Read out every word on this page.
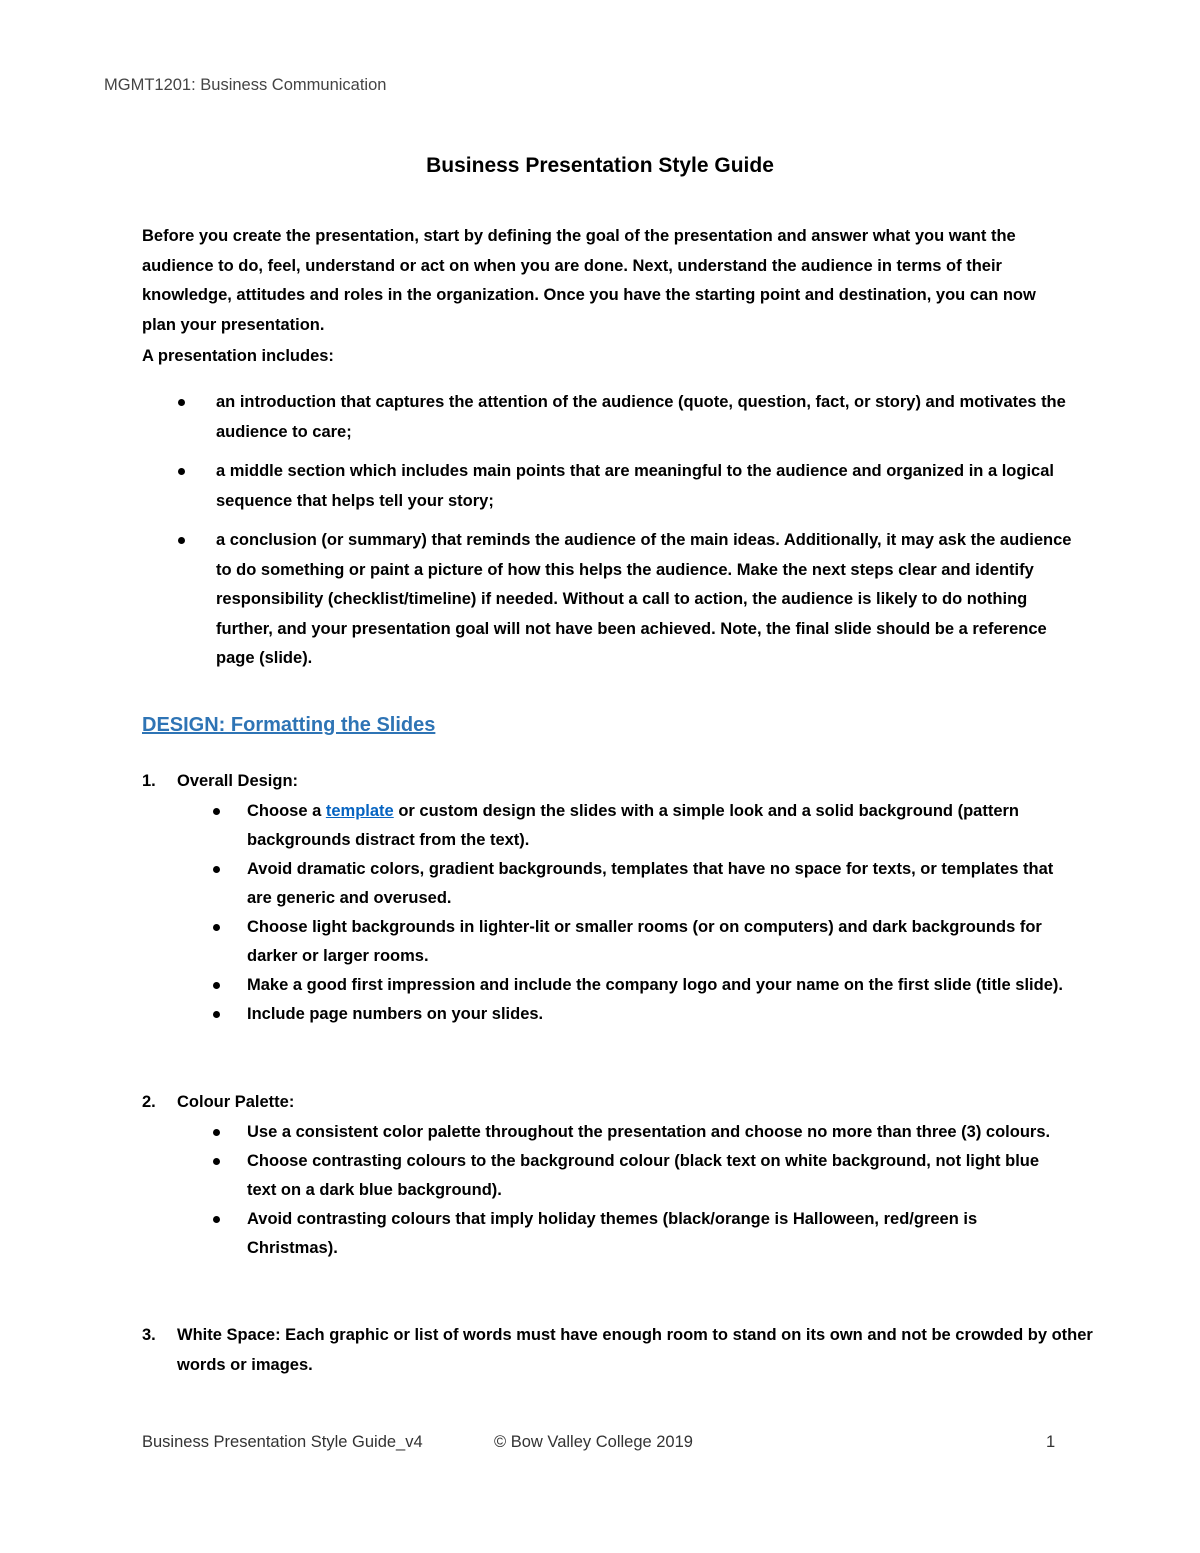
MGMT1201: Business Communication
Business Presentation Style Guide

Before you create the presentation, start by defining the goal of the presentation and answer what you want the audience to do, feel, understand or act on when you are done. Next, understand the audience in terms of their knowledge, attitudes and roles in the organization. Once you have the starting point and destination, you can now plan your presentation.

A presentation includes:
an introduction that captures the attention of the audience (quote, question, fact, or story) and motivates the audience to care;
a middle section which includes main points that are meaningful to the audience and organized in a logical sequence that helps tell your story;
a conclusion (or summary) that reminds the audience of the main ideas. Additionally, it may ask the audience to do something or paint a picture of how this helps the audience. Make the next steps clear and identify responsibility (checklist/timeline) if needed. Without a call to action, the audience is likely to do nothing further, and your presentation goal will not have been achieved. Note, the final slide should be a reference page (slide).
DESIGN: Formatting the Slides
1. Overall Design:
Choose a template or custom design the slides with a simple look and a solid background (pattern backgrounds distract from the text).
Avoid dramatic colors, gradient backgrounds, templates that have no space for texts, or templates that are generic and overused.
Choose light backgrounds in lighter-lit or smaller rooms (or on computers) and dark backgrounds for darker or larger rooms.
Make a good first impression and include the company logo and your name on the first slide (title slide).
Include page numbers on your slides.
2. Colour Palette:
Use a consistent color palette throughout the presentation and choose no more than three (3) colours.
Choose contrasting colours to the background colour (black text on white background, not light blue text on a dark blue background).
Avoid contrasting colours that imply holiday themes (black/orange is Halloween, red/green is Christmas).
3. White Space: Each graphic or list of words must have enough room to stand on its own and not be crowded by other words or images.
Business Presentation Style Guide_v4	© Bow Valley College 2019	1
